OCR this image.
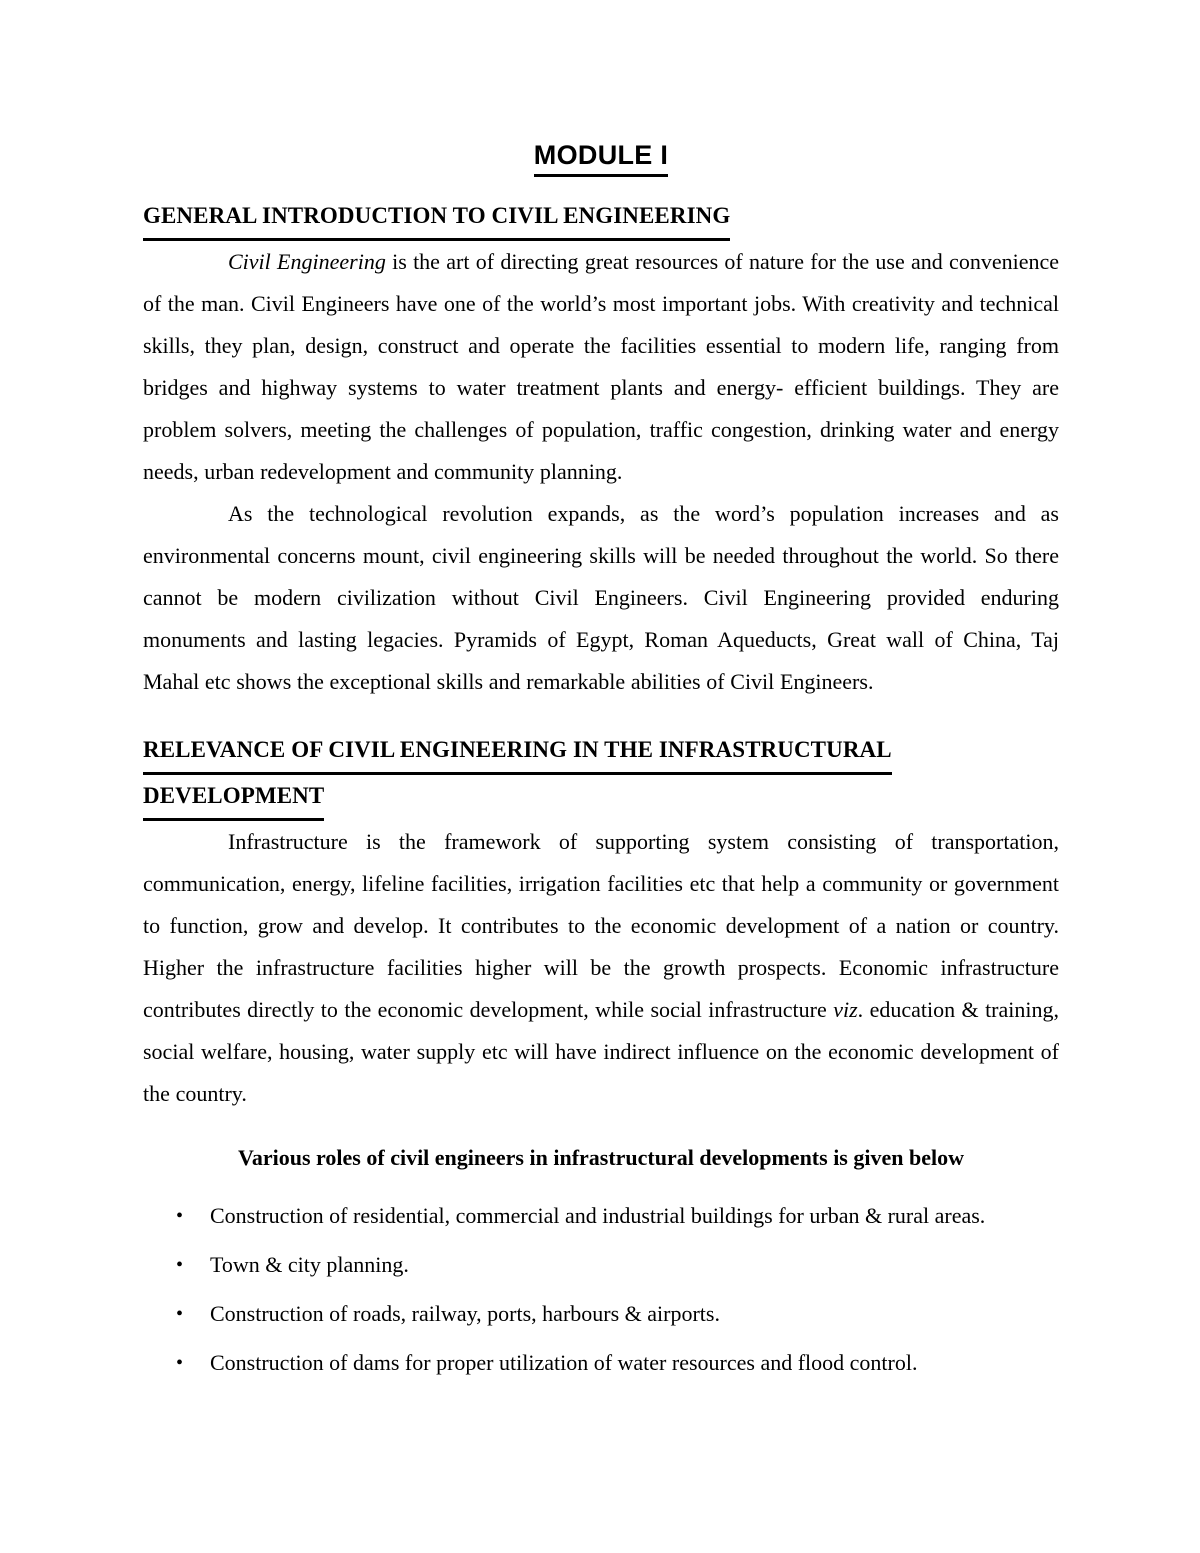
MODULE I
GENERAL INTRODUCTION TO CIVIL ENGINEERING

Civil Engineering is the art of directing great resources of nature for the use and convenience of the man. Civil Engineers have one of the world’s most important jobs. With creativity and technical skills, they plan, design, construct and operate the facilities essential to modern life, ranging from bridges and highway systems to water treatment plants and energy- efficient buildings. They are problem solvers, meeting the challenges of population, traffic congestion, drinking water and energy needs, urban redevelopment and community planning.

As the technological revolution expands, as the word’s population increases and as environmental concerns mount, civil engineering skills will be needed throughout the world. So there cannot be modern civilization without Civil Engineers. Civil Engineering provided enduring monuments and lasting legacies. Pyramids of Egypt, Roman Aqueducts, Great wall of China, Taj Mahal etc shows the exceptional skills and remarkable abilities of Civil Engineers.

RELEVANCE OF CIVIL ENGINEERING IN THE INFRASTRUCTURAL
DEVELOPMENT

Infrastructure is the framework of supporting system consisting of transportation, communication, energy, lifeline facilities, irrigation facilities etc that help a community or government to function, grow and develop. It contributes to the economic development of a nation or country. Higher the infrastructure facilities higher will be the growth prospects. Economic infrastructure contributes directly to the economic development, while social infrastructure viz. education & training, social welfare, housing, water supply etc will have indirect influence on the economic development of the country.

Various roles of civil engineers in infrastructural developments is given below

• Construction of residential, commercial and industrial buildings for urban & rural areas.
• Town & city planning.
• Construction of roads, railway, ports, harbours & airports.
• Construction of dams for proper utilization of water resources and flood control.
